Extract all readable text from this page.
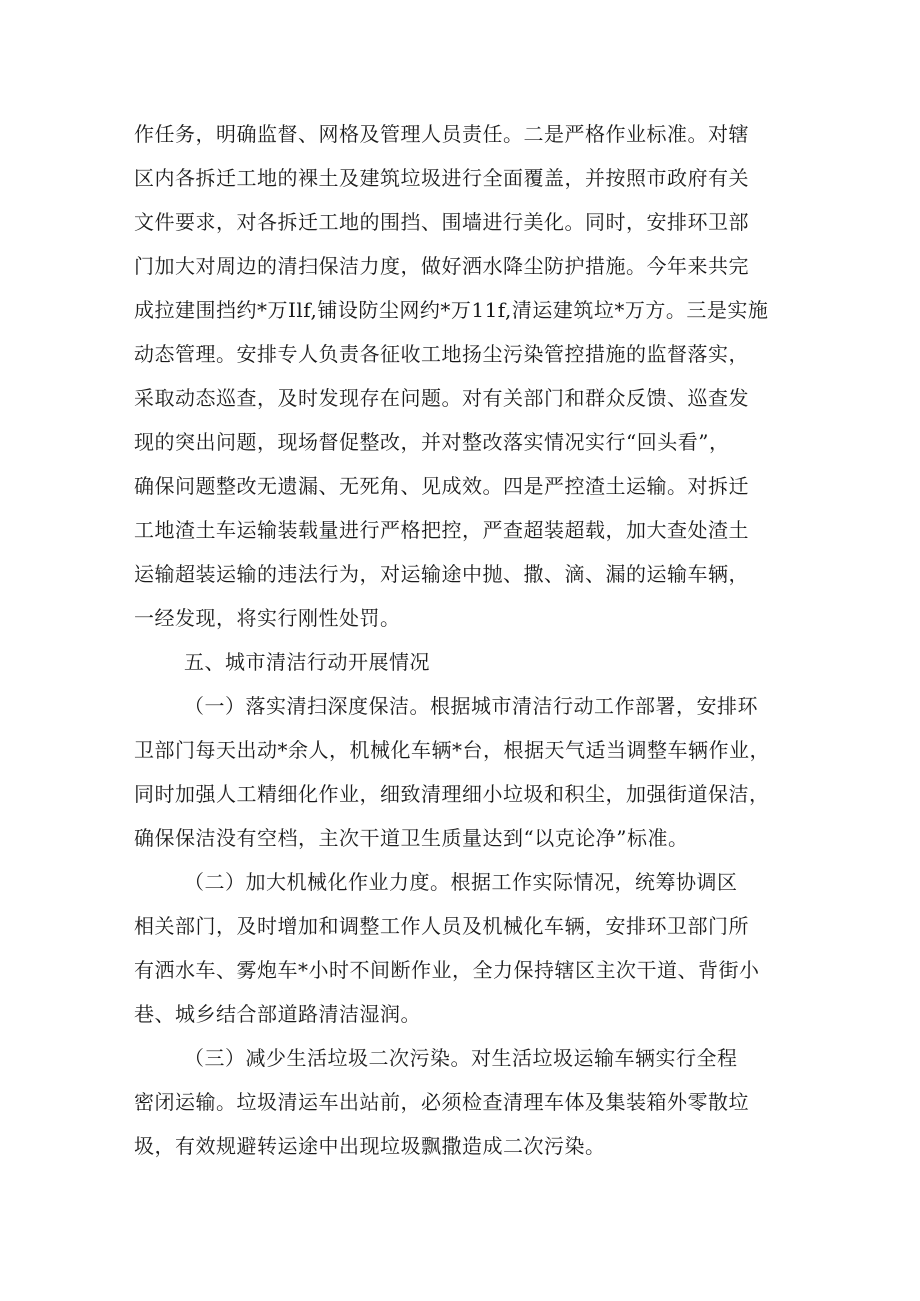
作任务，明确监督、网格及管理人员责任。二是严格作业标准。对辖
区内各拆迁工地的裸土及建筑垃圾进行全面覆盖，并按照市政府有关
文件要求，对各拆迁工地的围挡、围墙进行美化。同时，安排环卫部
门加大对周边的清扫保洁力度，做好洒水降尘防护措施。今年来共完
成拉建围挡约*万Ilf,铺设防尘网约*万11f,清运建筑垃*万方。三是实施
动态管理。安排专人负责各征收工地扬尘污染管控措施的监督落实，
采取动态巡查，及时发现存在问题。对有关部门和群众反馈、巡查发
现的突出问题，现场督促整改，并对整改落实情况实行“回头看”，
确保问题整改无遗漏、无死角、见成效。四是严控渣土运输。对拆迁
工地渣土车运输装载量进行严格把控，严查超装超载，加大查处渣土
运输超装运输的违法行为，对运输途中抛、撒、滴、漏的运输车辆，
一经发现，将实行刚性处罚。
五、城市清洁行动开展情况
（一）落实清扫深度保洁。根据城市清洁行动工作部署，安排环
卫部门每天出动*余人，机械化车辆*台，根据天气适当调整车辆作业，
同时加强人工精细化作业，细致清理细小垃圾和积尘，加强街道保洁，
确保保洁没有空档，主次干道卫生质量达到“以克论净”标准。
（二）加大机械化作业力度。根据工作实际情况，统筹协调区
相关部门，及时增加和调整工作人员及机械化车辆，安排环卫部门所
有洒水车、雾炮车*小时不间断作业，全力保持辖区主次干道、背街小
巷、城乡结合部道路清洁湿润。
（三）减少生活垃圾二次污染。对生活垃圾运输车辆实行全程
密闭运输。垃圾清运车出站前，必须检查清理车体及集装箱外零散垃
圾，有效规避转运途中出现垃圾飘撒造成二次污染。
